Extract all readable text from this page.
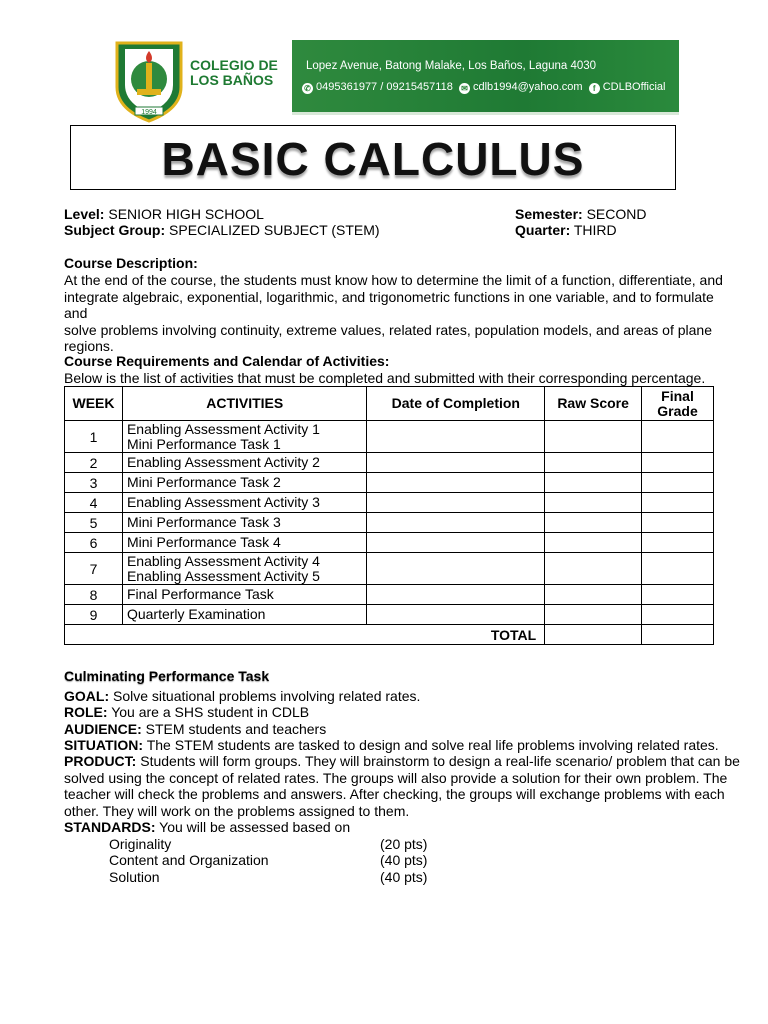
1994
COLEGIO DE
LOS BAÑOS
Lopez Avenue, Batong Malake, Los Baños, Laguna 4030
✆ 0495361977 / 09215457118 ✉ cdlb1994@yahoo.com f CDLBOfficial
BASIC CALCULUS
Level: SENIOR HIGH SCHOOL
Subject Group: SPECIALIZED SUBJECT (STEM)
Semester: SECOND
Quarter: THIRD
Course Description:
At the end of the course, the students must know how to determine the limit of a function, differentiate, and
integrate algebraic, exponential, logarithmic, and trigonometric functions in one variable, and to formulate and
solve problems involving continuity, extreme values, related rates, population models, and areas of plane
regions.
Course Requirements and Calendar of Activities:
Below is the list of activities that must be completed and submitted with their corresponding percentage.
WEEK	ACTIVITIES	Date of Completion	Raw Score	Final
Grade

1	Enabling Assessment Activity 1
Mini Performance Task 1			

2	Enabling Assessment Activity 2			
3	Mini Performance Task 2			
4	Enabling Assessment Activity 3			
5	Mini Performance Task 3			
6	Mini Performance Task 4			
7	Enabling Assessment Activity 4
Enabling Assessment Activity 5			

8	Final Performance Task			
9	Quarterly Examination			
TOTAL				
Culminating Performance Task
GOAL: Solve situational problems involving related rates.
ROLE: You are a SHS student in CDLB
AUDIENCE: STEM students and teachers
SITUATION: The STEM students are tasked to design and solve real life problems involving related rates.
PRODUCT: Students will form groups. They will brainstorm to design a real-life scenario/ problem that can be
solved using the concept of related rates. The groups will also provide a solution for their own problem. The
teacher will check the problems and answers. After checking, the groups will exchange problems with each
other. They will work on the problems assigned to them.
STANDARDS: You will be assessed based on
Originality	(20 pts)
Content and Organization	(40 pts)
Solution	(40 pts)
